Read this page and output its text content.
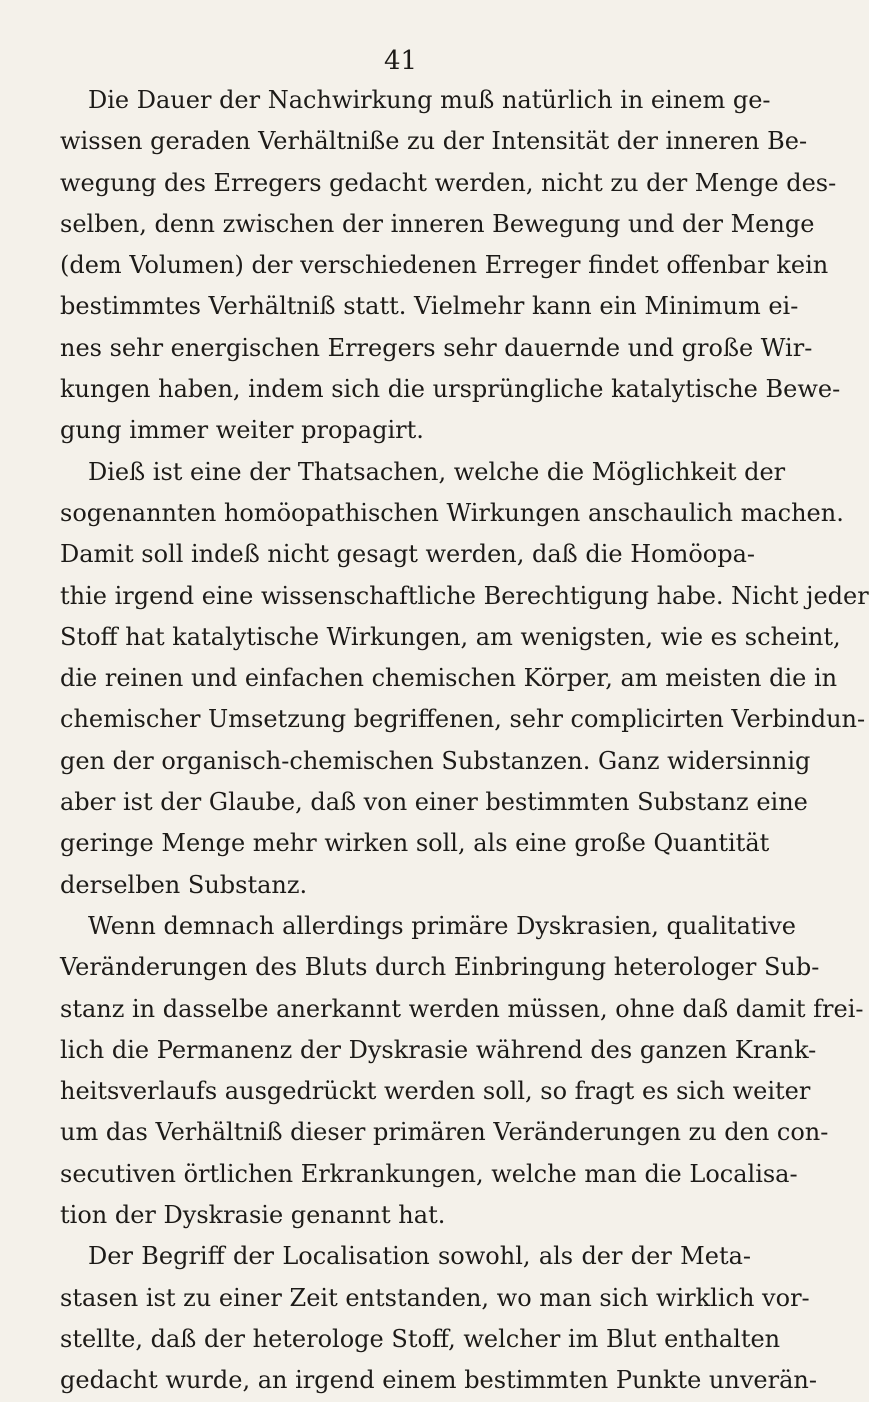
41
Die Dauer der Nachwirkung muß natürlich in einem ge-
wissen geraden Verhältniße zu der Intensität der inneren Be-
wegung des Erregers gedacht werden, nicht zu der Menge des-
selben, denn zwischen der inneren Bewegung und der Menge
(dem Volumen) der verschiedenen Erreger findet offenbar kein
bestimmtes Verhältniß statt. Vielmehr kann ein Minimum ei-
nes sehr energischen Erregers sehr dauernde und große Wir-
kungen haben, indem sich die ursprüngliche katalytische Bewe-
gung immer weiter propagirt.
Dieß ist eine der Thatsachen, welche die Möglichkeit der
sogenannten homöopathischen Wirkungen anschaulich machen.
Damit soll indeß nicht gesagt werden, daß die Homöopa-
thie irgend eine wissenschaftliche Berechtigung habe. Nicht jeder
Stoff hat katalytische Wirkungen, am wenigsten, wie es scheint,
die reinen und einfachen chemischen Körper, am meisten die in
chemischer Umsetzung begriffenen, sehr complicirten Verbindun-
gen der organisch-chemischen Substanzen. Ganz widersinnig
aber ist der Glaube, daß von einer bestimmten Substanz eine
geringe Menge mehr wirken soll, als eine große Quantität
derselben Substanz.
Wenn demnach allerdings primäre Dyskrasien, qualitative
Veränderungen des Bluts durch Einbringung heterologer Sub-
stanz in dasselbe anerkannt werden müssen, ohne daß damit frei-
lich die Permanenz der Dyskrasie während des ganzen Krank-
heitsverlaufs ausgedrückt werden soll, so fragt es sich weiter
um das Verhältniß dieser primären Veränderungen zu den con-
secutiven örtlichen Erkrankungen, welche man die Localisa-
tion der Dyskrasie genannt hat.
Der Begriff der Localisation sowohl, als der der Meta-
stasen ist zu einer Zeit entstanden, wo man sich wirklich vor-
stellte, daß der heterologe Stoff, welcher im Blut enthalten
gedacht wurde, an irgend einem bestimmten Punkte unverän-
